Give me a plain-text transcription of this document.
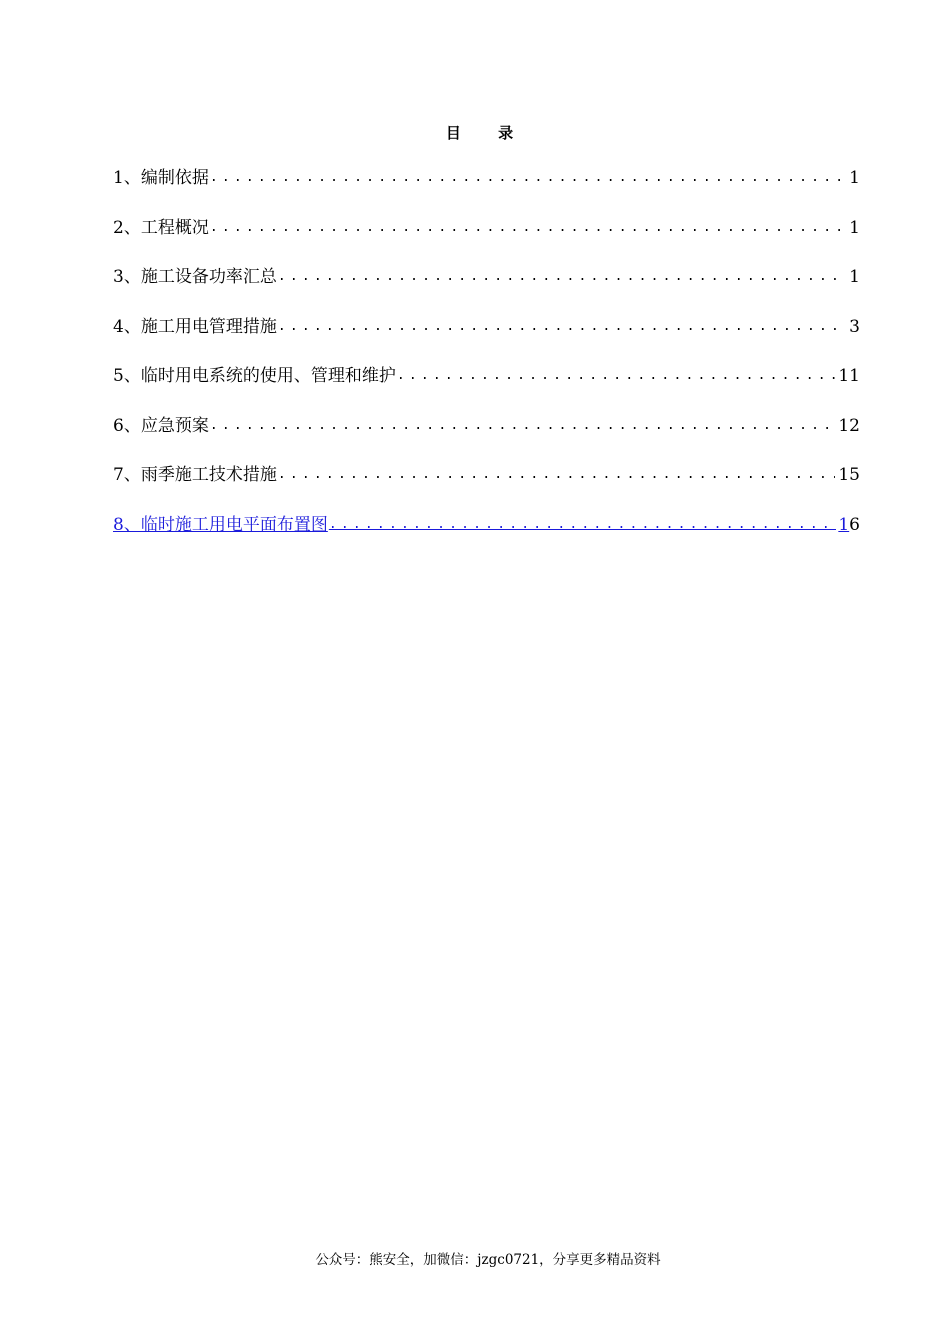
目 录
1、编制依据 .....	1
2、工程概况 .....	1
3、施工设备功率汇总 .....	1
4、施工用电管理措施 .....	3
5、临时用电系统的使用、管理和维护 .....	11
6、应急预案 .....	12
7、雨季施工技术措施 .....	15
8、临时施工用电平面布置图 .....	16
公众号：熊安全，加微信：jzgc0721，分享更多精品资料
